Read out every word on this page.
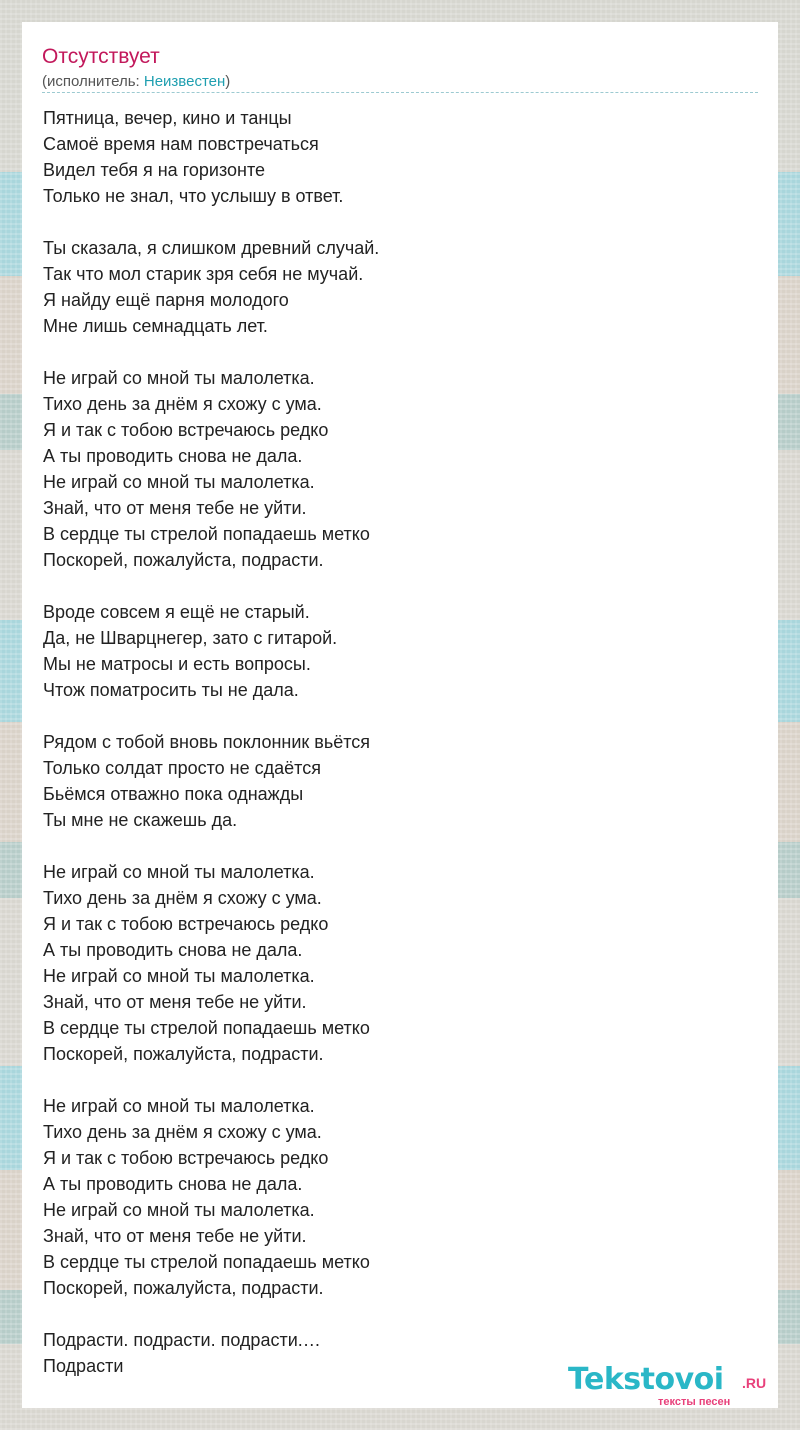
Отсутствует
(исполнитель: Неизвестен)
Пятница, вечер, кино и танцы
Самоё время нам повстречаться
Видел тебя я на горизонте
Только не знал, что услышу в ответ.
Ты сказала, я слишком древний случай.
Так что мол старик зря себя не мучай.
Я найду ещё парня молодого
Мне лишь семнадцать лет.
Не играй со мной ты малолетка.
Тихо день за днём я схожу с ума.
Я и так с тобою встречаюсь редко
А ты проводить снова не дала.
Не играй со мной ты малолетка.
Знай, что от меня тебе не уйти.
В сердце ты стрелой попадаешь метко
Поскорей, пожалуйста, подрасти.
Вроде совсем я ещё не старый.
Да, не Шварцнегер, зато с гитарой.
Мы не матросы и есть вопросы.
Чтож поматросить ты не дала.
Рядом с тобой вновь поклонник вьётся
Только солдат просто не сдаётся
Бьёмся отважно пока однажды
Ты мне не скажешь да.
Не играй со мной ты малолетка.
Тихо день за днём я схожу с ума.
Я и так с тобою встречаюсь редко
А ты проводить снова не дала.
Не играй со мной ты малолетка.
Знай, что от меня тебе не уйти.
В сердце ты стрелой попадаешь метко
Поскорей, пожалуйста, подрасти.
Не играй со мной ты малолетка.
Тихо день за днём я схожу с ума.
Я и так с тобою встречаюсь редко
А ты проводить снова не дала.
Не играй со мной ты малолетка.
Знай, что от меня тебе не уйти.
В сердце ты стрелой попадаешь метко
Поскорей, пожалуйста, подрасти.
Подрасти. подрасти. подрасти.…
Подрасти	Tekstovoi .RU
тексты песен
